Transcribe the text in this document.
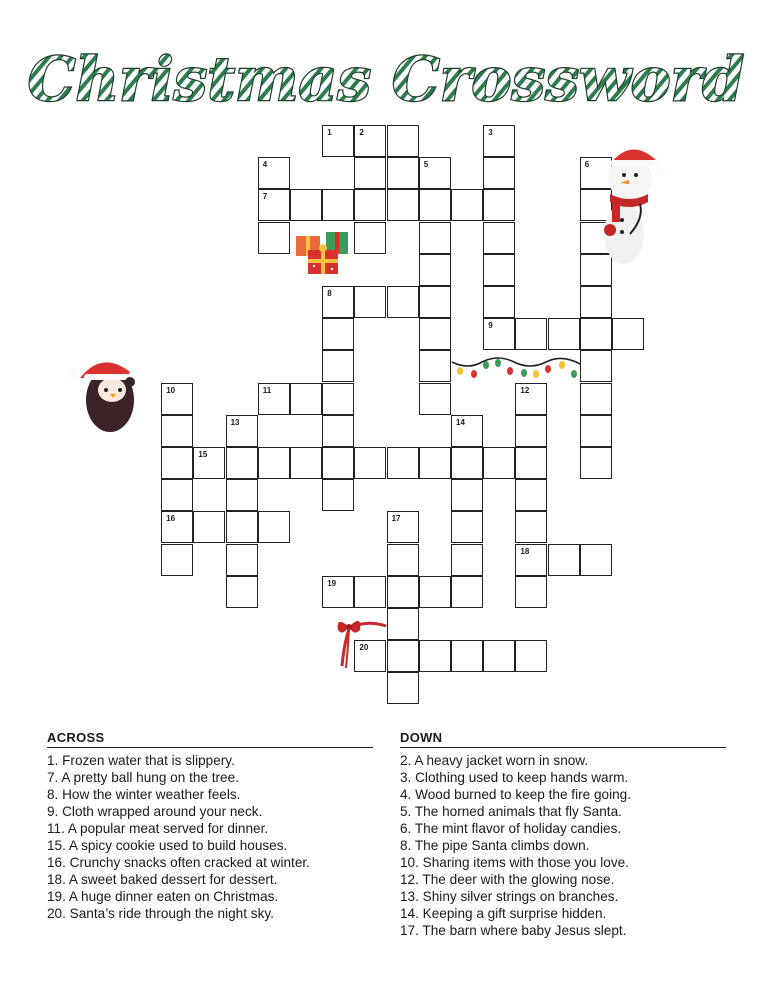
Christmas Crossword
1	2	3
4	5	6
7
8
9
10	11	12
13	14
15
16	17
18
19
20
ACROSS
1. Frozen water that is slippery.
7. A pretty ball hung on the tree.
8. How the winter weather feels.
9. Cloth wrapped around your neck.
11. A popular meat served for dinner.
15. A spicy cookie used to build houses.
16. Crunchy snacks often cracked at winter.
18. A sweet baked dessert for dessert.
19. A huge dinner eaten on Christmas.
20. Santa’s ride through the night sky.
DOWN
2. A heavy jacket worn in snow.
3. Clothing used to keep hands warm.
4. Wood burned to keep the fire going.
5. The horned animals that fly Santa.
6. The mint flavor of holiday candies.
8. The pipe Santa climbs down.
10. Sharing items with those you love.
12. The deer with the glowing nose.
13. Shiny silver strings on branches.
14. Keeping a gift surprise hidden.
17. The barn where baby Jesus slept.
